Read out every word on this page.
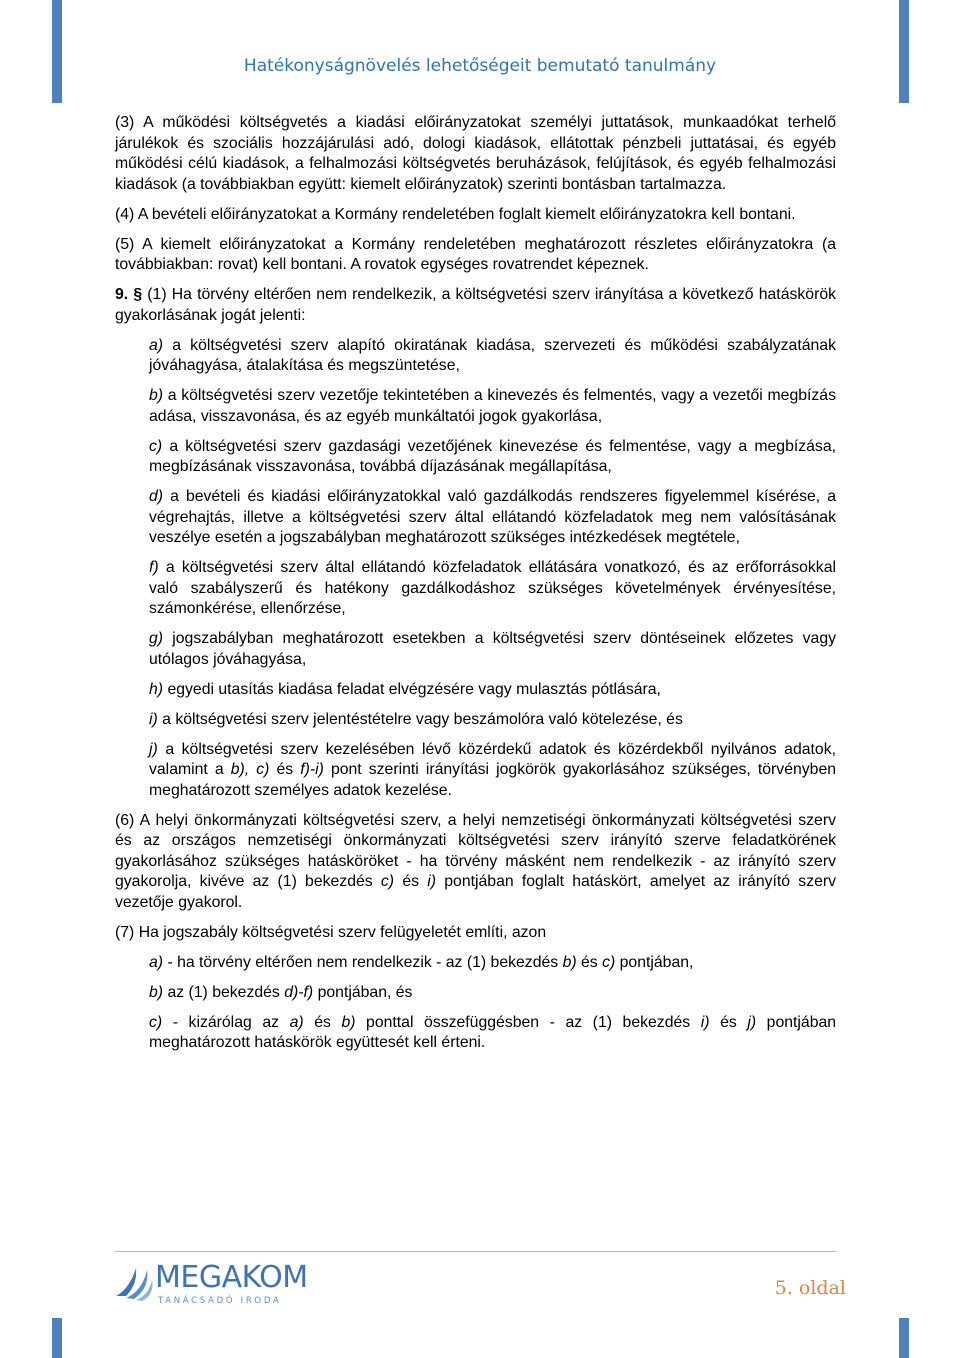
Hatékonyságnövelés lehetőségeit bemutató tanulmány

(3) A működési költségvetés a kiadási előirányzatokat személyi juttatások, munkaadókat terhelő járulékok és szociális hozzájárulási adó, dologi kiadások, ellátottak pénzbeli juttatásai, és egyéb működési célú kiadások, a felhalmozási költségvetés beruházások, felújítások, és egyéb felhalmozási kiadások (a továbbiakban együtt: kiemelt előirányzatok) szerinti bontásban tartalmazza.

(4) A bevételi előirányzatokat a Kormány rendeletében foglalt kiemelt előirányzatokra kell bontani.

(5) A kiemelt előirányzatokat a Kormány rendeletében meghatározott részletes előirányzatokra (a továbbiakban: rovat) kell bontani. A rovatok egységes rovatrendet képeznek.

9. § (1) Ha törvény eltérően nem rendelkezik, a költségvetési szerv irányítása a következő hatáskörök gyakorlásának jogát jelenti:

a) a költségvetési szerv alapító okiratának kiadása, szervezeti és működési szabályzatának jóváhagyása, átalakítása és megszüntetése,

b) a költségvetési szerv vezetője tekintetében a kinevezés és felmentés, vagy a vezetői megbízás adása, visszavonása, és az egyéb munkáltatói jogok gyakorlása,

c) a költségvetési szerv gazdasági vezetőjének kinevezése és felmentése, vagy a megbízása, megbízásának visszavonása, továbbá díjazásának megállapítása,

d) a bevételi és kiadási előirányzatokkal való gazdálkodás rendszeres figyelemmel kísérése, a végrehajtás, illetve a költségvetési szerv által ellátandó közfeladatok meg nem valósításának veszélye esetén a jogszabályban meghatározott szükséges intézkedések megtétele,

f) a költségvetési szerv által ellátandó közfeladatok ellátására vonatkozó, és az erőforrásokkal való szabályszerű és hatékony gazdálkodáshoz szükséges követelmények érvényesítése, számonkérése, ellenőrzése,

g) jogszabályban meghatározott esetekben a költségvetési szerv döntéseinek előzetes vagy utólagos jóváhagyása,

h) egyedi utasítás kiadása feladat elvégzésére vagy mulasztás pótlására,

i) a költségvetési szerv jelentéstételre vagy beszámolóra való kötelezése, és

j) a költségvetési szerv kezelésében lévő közérdekű adatok és közérdekből nyilvános adatok, valamint a b), c) és f)-i) pont szerinti irányítási jogkörök gyakorlásához szükséges, törvényben meghatározott személyes adatok kezelése.

(6) A helyi önkormányzati költségvetési szerv, a helyi nemzetiségi önkormányzati költségvetési szerv és az országos nemzetiségi önkormányzati költségvetési szerv irányító szerve feladatkörének gyakorlásához szükséges hatásköröket - ha törvény másként nem rendelkezik - az irányító szerv gyakorolja, kivéve az (1) bekezdés c) és i) pontjában foglalt hatáskört, amelyet az irányító szerv vezetője gyakorol.

(7) Ha jogszabály költségvetési szerv felügyeletét említi, azon

a) - ha törvény eltérően nem rendelkezik - az (1) bekezdés b) és c) pontjában,

b) az (1) bekezdés d)-f) pontjában, és

c) - kizárólag az a) és b) ponttal összefüggésben - az (1) bekezdés i) és j) pontjában meghatározott hatáskörök együttesét kell érteni.

MEGAKOM
TANÁCSADÓ IRODA
5. oldal
